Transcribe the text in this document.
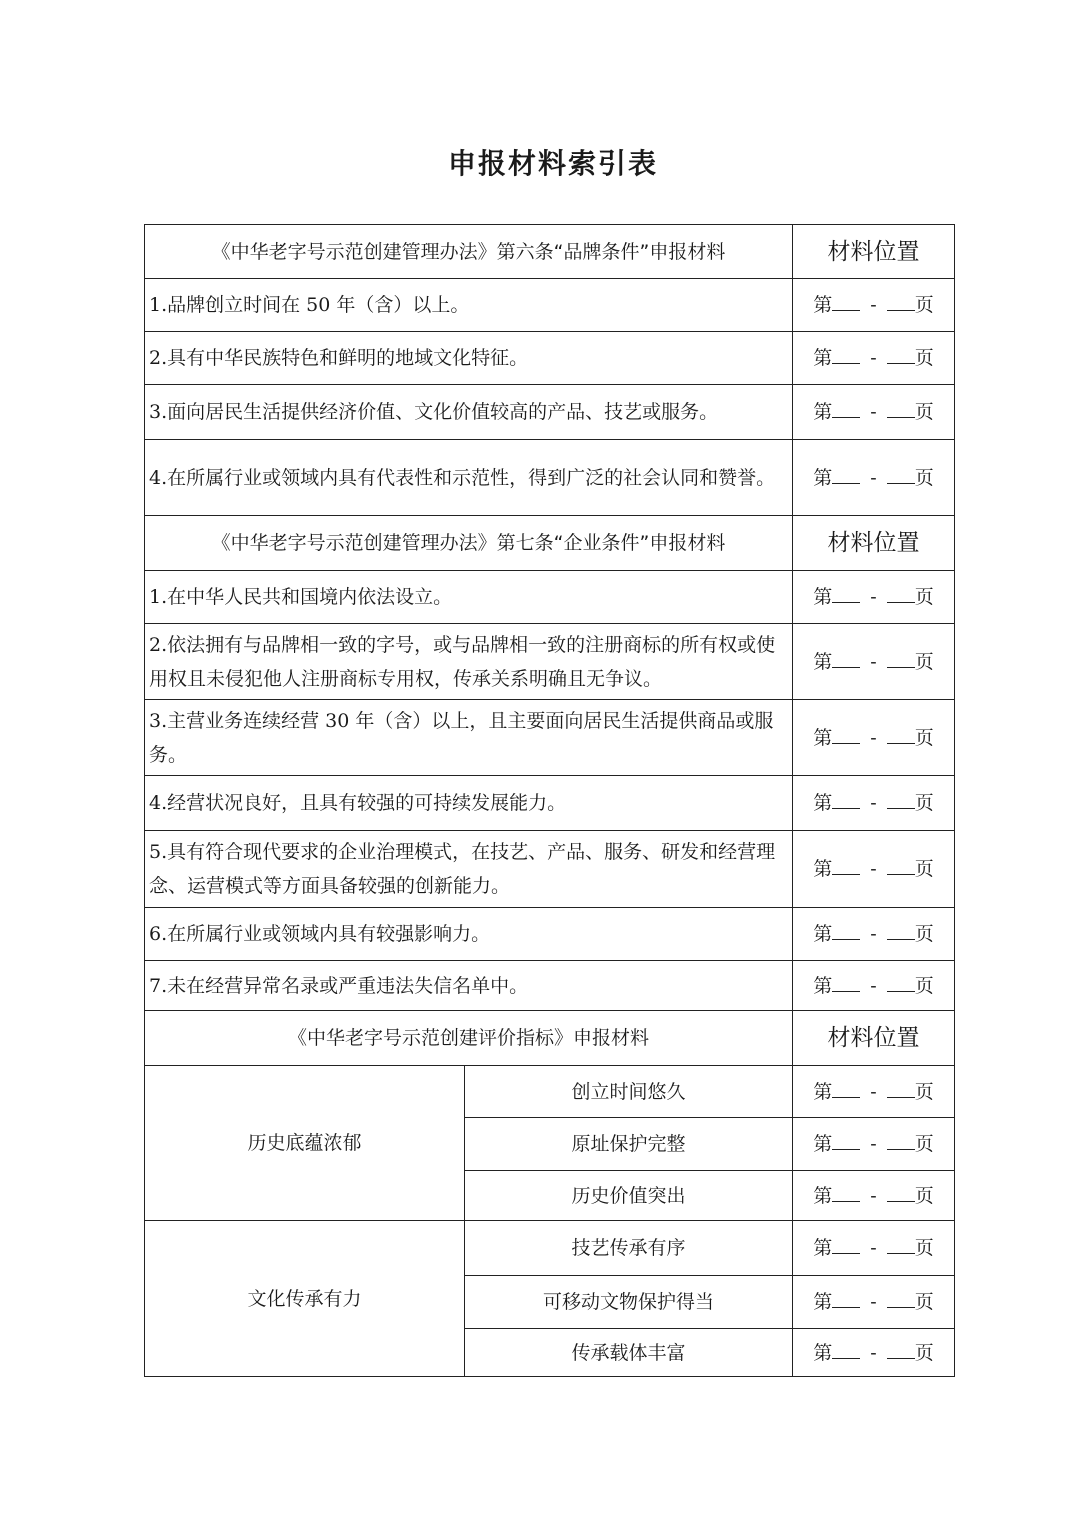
申报材料索引表
《中华老字号示范创建管理办法》第六条“品牌条件”申报材料		材料位置
1.品牌创立时间在 50 年（含）以上。		第 - 页
2.具有中华民族特色和鲜明的地域文化特征。		第 - 页
3.面向居民生活提供经济价值、文化价值较高的产品、技艺或服务。		第 - 页
4.在所属行业或领域内具有代表性和示范性，得到广泛的社会认同和赞誉。		第 - 页
《中华老字号示范创建管理办法》第七条“企业条件”申报材料		材料位置
1.在中华人民共和国境内依法设立。		第 - 页
2.依法拥有与品牌相一致的字号，或与品牌相一致的注册商标的所有权或使用权且未侵犯他人注册商标专用权，传承关系明确且无争议。		第 - 页
3.主营业务连续经营 30 年（含）以上，且主要面向居民生活提供商品或服务。		第 - 页
4.经营状况良好，且具有较强的可持续发展能力。		第 - 页
5.具有符合现代要求的企业治理模式，在技艺、产品、服务、研发和经营理念、运营模式等方面具备较强的创新能力。		第 - 页
6.在所属行业或领域内具有较强影响力。		第 - 页
7.未在经营异常名录或严重违法失信名单中。		第 - 页
《中华老字号示范创建评价指标》申报材料		材料位置
历史底蕴浓郁	创立时间悠久	第 - 页
	原址保护完整	第 - 页
	历史价值突出	第 - 页
文化传承有力	技艺传承有序	第 - 页
	可移动文物保护得当	第 - 页
	传承载体丰富	第 - 页
